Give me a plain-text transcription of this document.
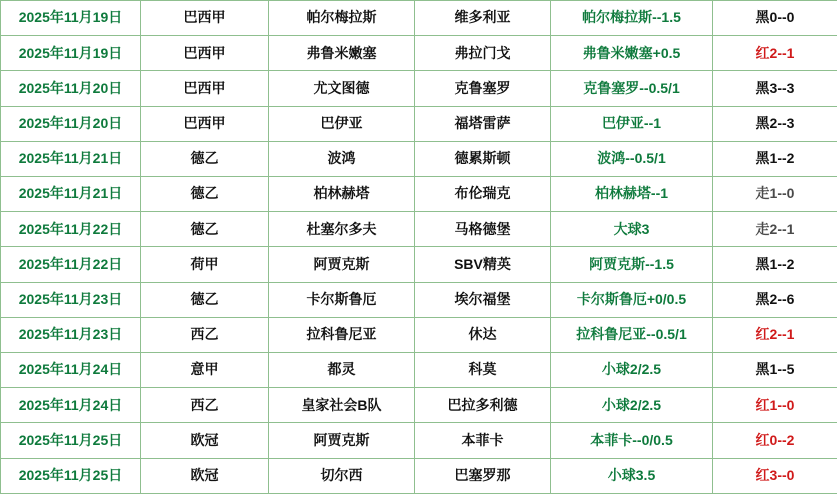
2025年11月19日	巴西甲	帕尔梅拉斯	维多利亚	帕尔梅拉斯--1.5	黑0--0
2025年11月19日	巴西甲	弗鲁米嫩塞	弗拉门戈	弗鲁米嫩塞+0.5	红2--1
2025年11月20日	巴西甲	尤文图德	克鲁塞罗	克鲁塞罗--0.5/1	黑3--3
2025年11月20日	巴西甲	巴伊亚	福塔雷萨	巴伊亚--1	黑2--3
2025年11月21日	德乙	波鸿	德累斯顿	波鸿--0.5/1	黑1--2
2025年11月21日	德乙	柏林赫塔	布伦瑞克	柏林赫塔--1	走1--0
2025年11月22日	德乙	杜塞尔多夫	马格德堡	大球3	走2--1
2025年11月22日	荷甲	阿贾克斯	SBV精英	阿贾克斯--1.5	黑1--2
2025年11月23日	德乙	卡尔斯鲁厄	埃尔福堡	卡尔斯鲁厄+0/0.5	黑2--6
2025年11月23日	西乙	拉科鲁尼亚	休达	拉科鲁尼亚--0.5/1	红2--1
2025年11月24日	意甲	都灵	科莫	小球2/2.5	黑1--5
2025年11月24日	西乙	皇家社会B队	巴拉多利德	小球2/2.5	红1--0
2025年11月25日	欧冠	阿贾克斯	本菲卡	本菲卡--0/0.5	红0--2
2025年11月25日	欧冠	切尔西	巴塞罗那	小球3.5	红3--0
